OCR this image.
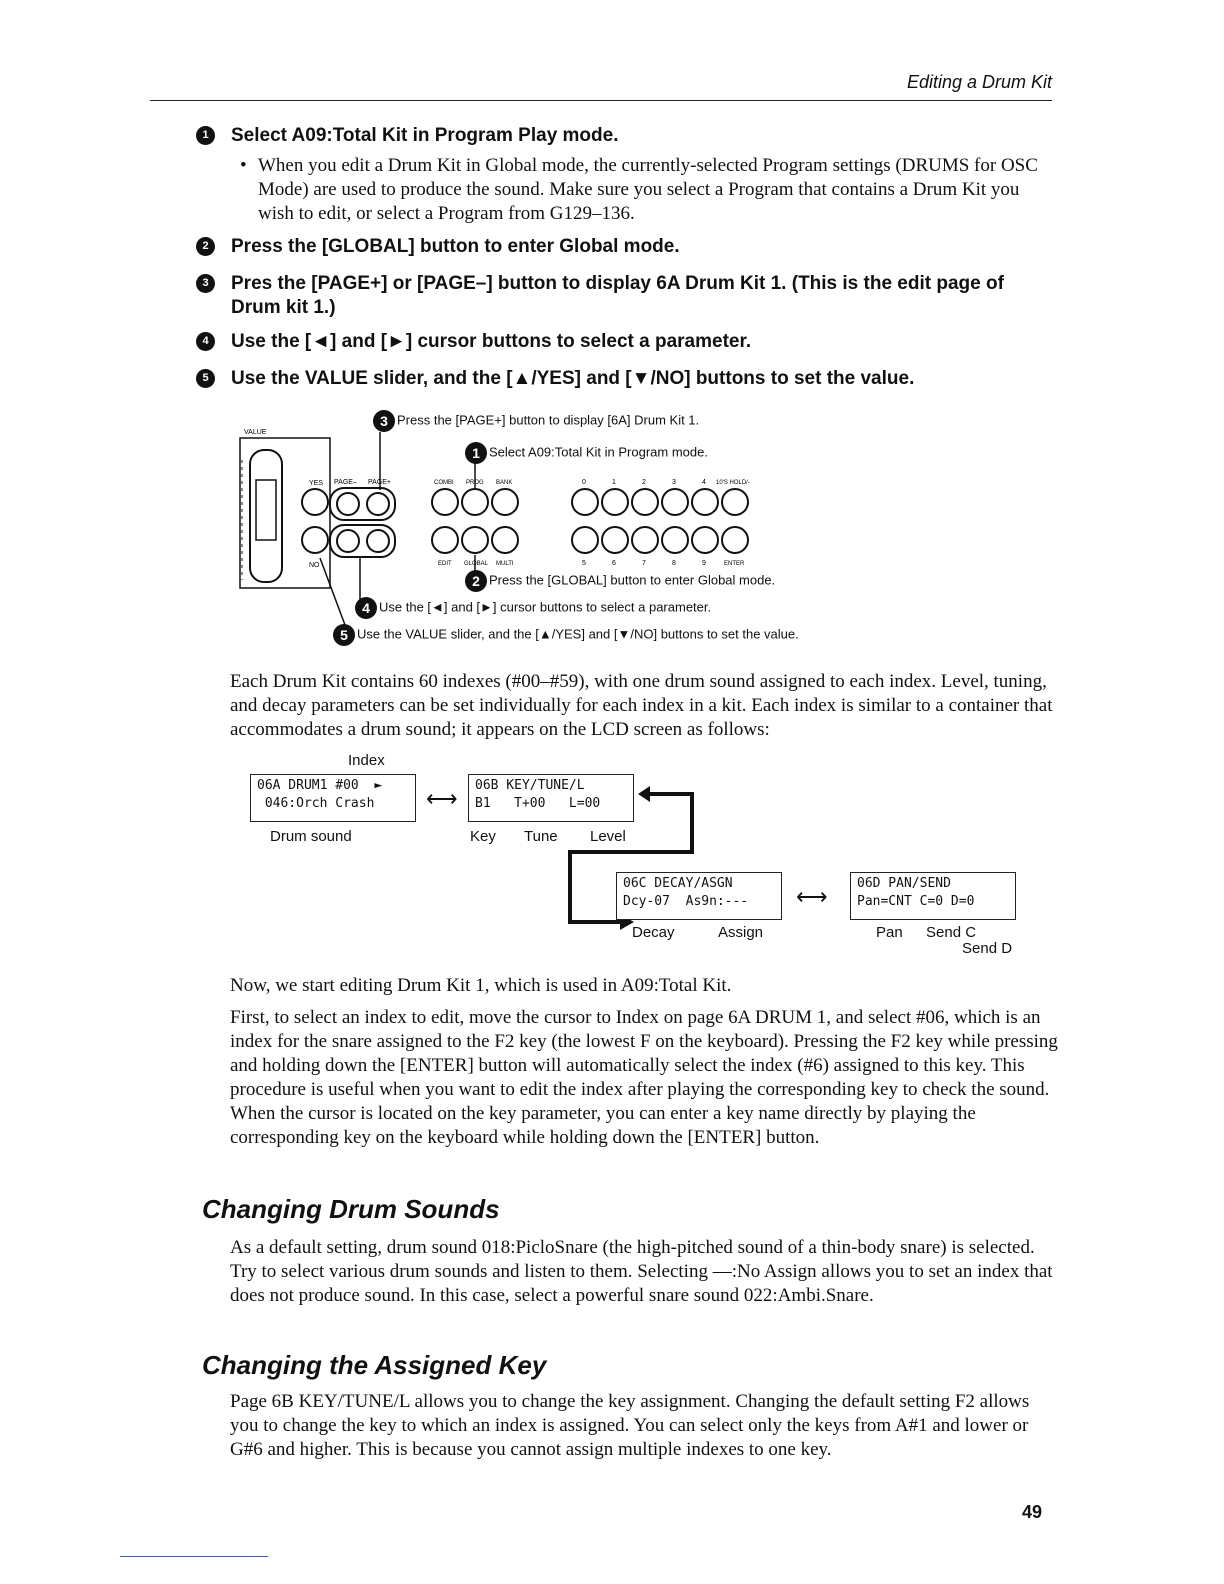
Editing a Drum Kit
1	Select A09:Total Kit in Program Play mode.
• When you edit a Drum Kit in Global mode, the currently-selected Program settings (DRUMS for OSC Mode) are used to produce the sound. Make sure you select a Program that contains a Drum Kit you wish to edit, or select a Program from G129–136.
2	Press the [GLOBAL] button to enter Global mode.
3	Pres the [PAGE+] or [PAGE–] button to display 6A Drum Kit 1. (This is the edit page of Drum kit 1.)
4	Use the [◄] and [►] cursor buttons to select a parameter.
5	Use the VALUE slider, and the [▲/YES] and [▼/NO] buttons to set the value.
VALUE
YES
NO
PAGE– PAGE+	COMBI PROG BANK
EDIT GLOBAL MULTI
0	1	2	3	4 10'S HOLD/-
5	6	7	8	9	ENTER
3 Press the [PAGE+] button to display [6A] Drum Kit 1.
1 Select A09:Total Kit in Program mode.
2 Press the [GLOBAL] button to enter Global mode.
4 Use the [◄] and [►] cursor buttons to select a parameter.
5 Use the VALUE slider, and the [▲/YES] and [▼/NO] buttons to set the value.
Each Drum Kit contains 60 indexes (#00–#59), with one drum sound assigned to each index. Level, tuning, and decay parameters can be set individually for each index in a kit. Each index is similar to a container that accommodates a drum sound; it appears on the LCD screen as follows:
Index
06A DRUM1 #00  ►
046:Orch Crash
Drum sound
⟷
06B KEY/TUNE/L
B1   T+00   L=00
Key Tune Level
06C DECAY/ASGN
Dcy-07  As9n:---
Decay	Assign
⟷
06D PAN/SEND
Pan=CNT C=0 D=0
Pan Send C
Send D
Now, we start editing Drum Kit 1, which is used in A09:Total Kit.
First, to select an index to edit, move the cursor to Index on page 6A DRUM 1, and select #06, which is an index for the snare assigned to the F2 key (the lowest F on the keyboard). Pressing the F2 key while pressing and holding down the [ENTER] button will automatically select the index (#6) assigned to this key. This procedure is useful when you want to edit the index after playing the corresponding key to check the sound. When the cursor is located on the key parameter, you can enter a key name directly by playing the corresponding key on the keyboard while holding down the [ENTER] button.
Changing Drum Sounds
As a default setting, drum sound 018:PicloSnare (the high-pitched sound of a thin-body snare) is selected. Try to select various drum sounds and listen to them. Selecting —:No Assign allows you to set an index that does not produce sound. In this case, select a powerful snare sound 022:Ambi.Snare.
Changing the Assigned Key
Page 6B KEY/TUNE/L allows you to change the key assignment. Changing the default setting F2 allows you to change the key to which an index is assigned. You can select only the keys from A#1 and lower or G#6 and higher. This is because you cannot assign multiple indexes to one key.
49
